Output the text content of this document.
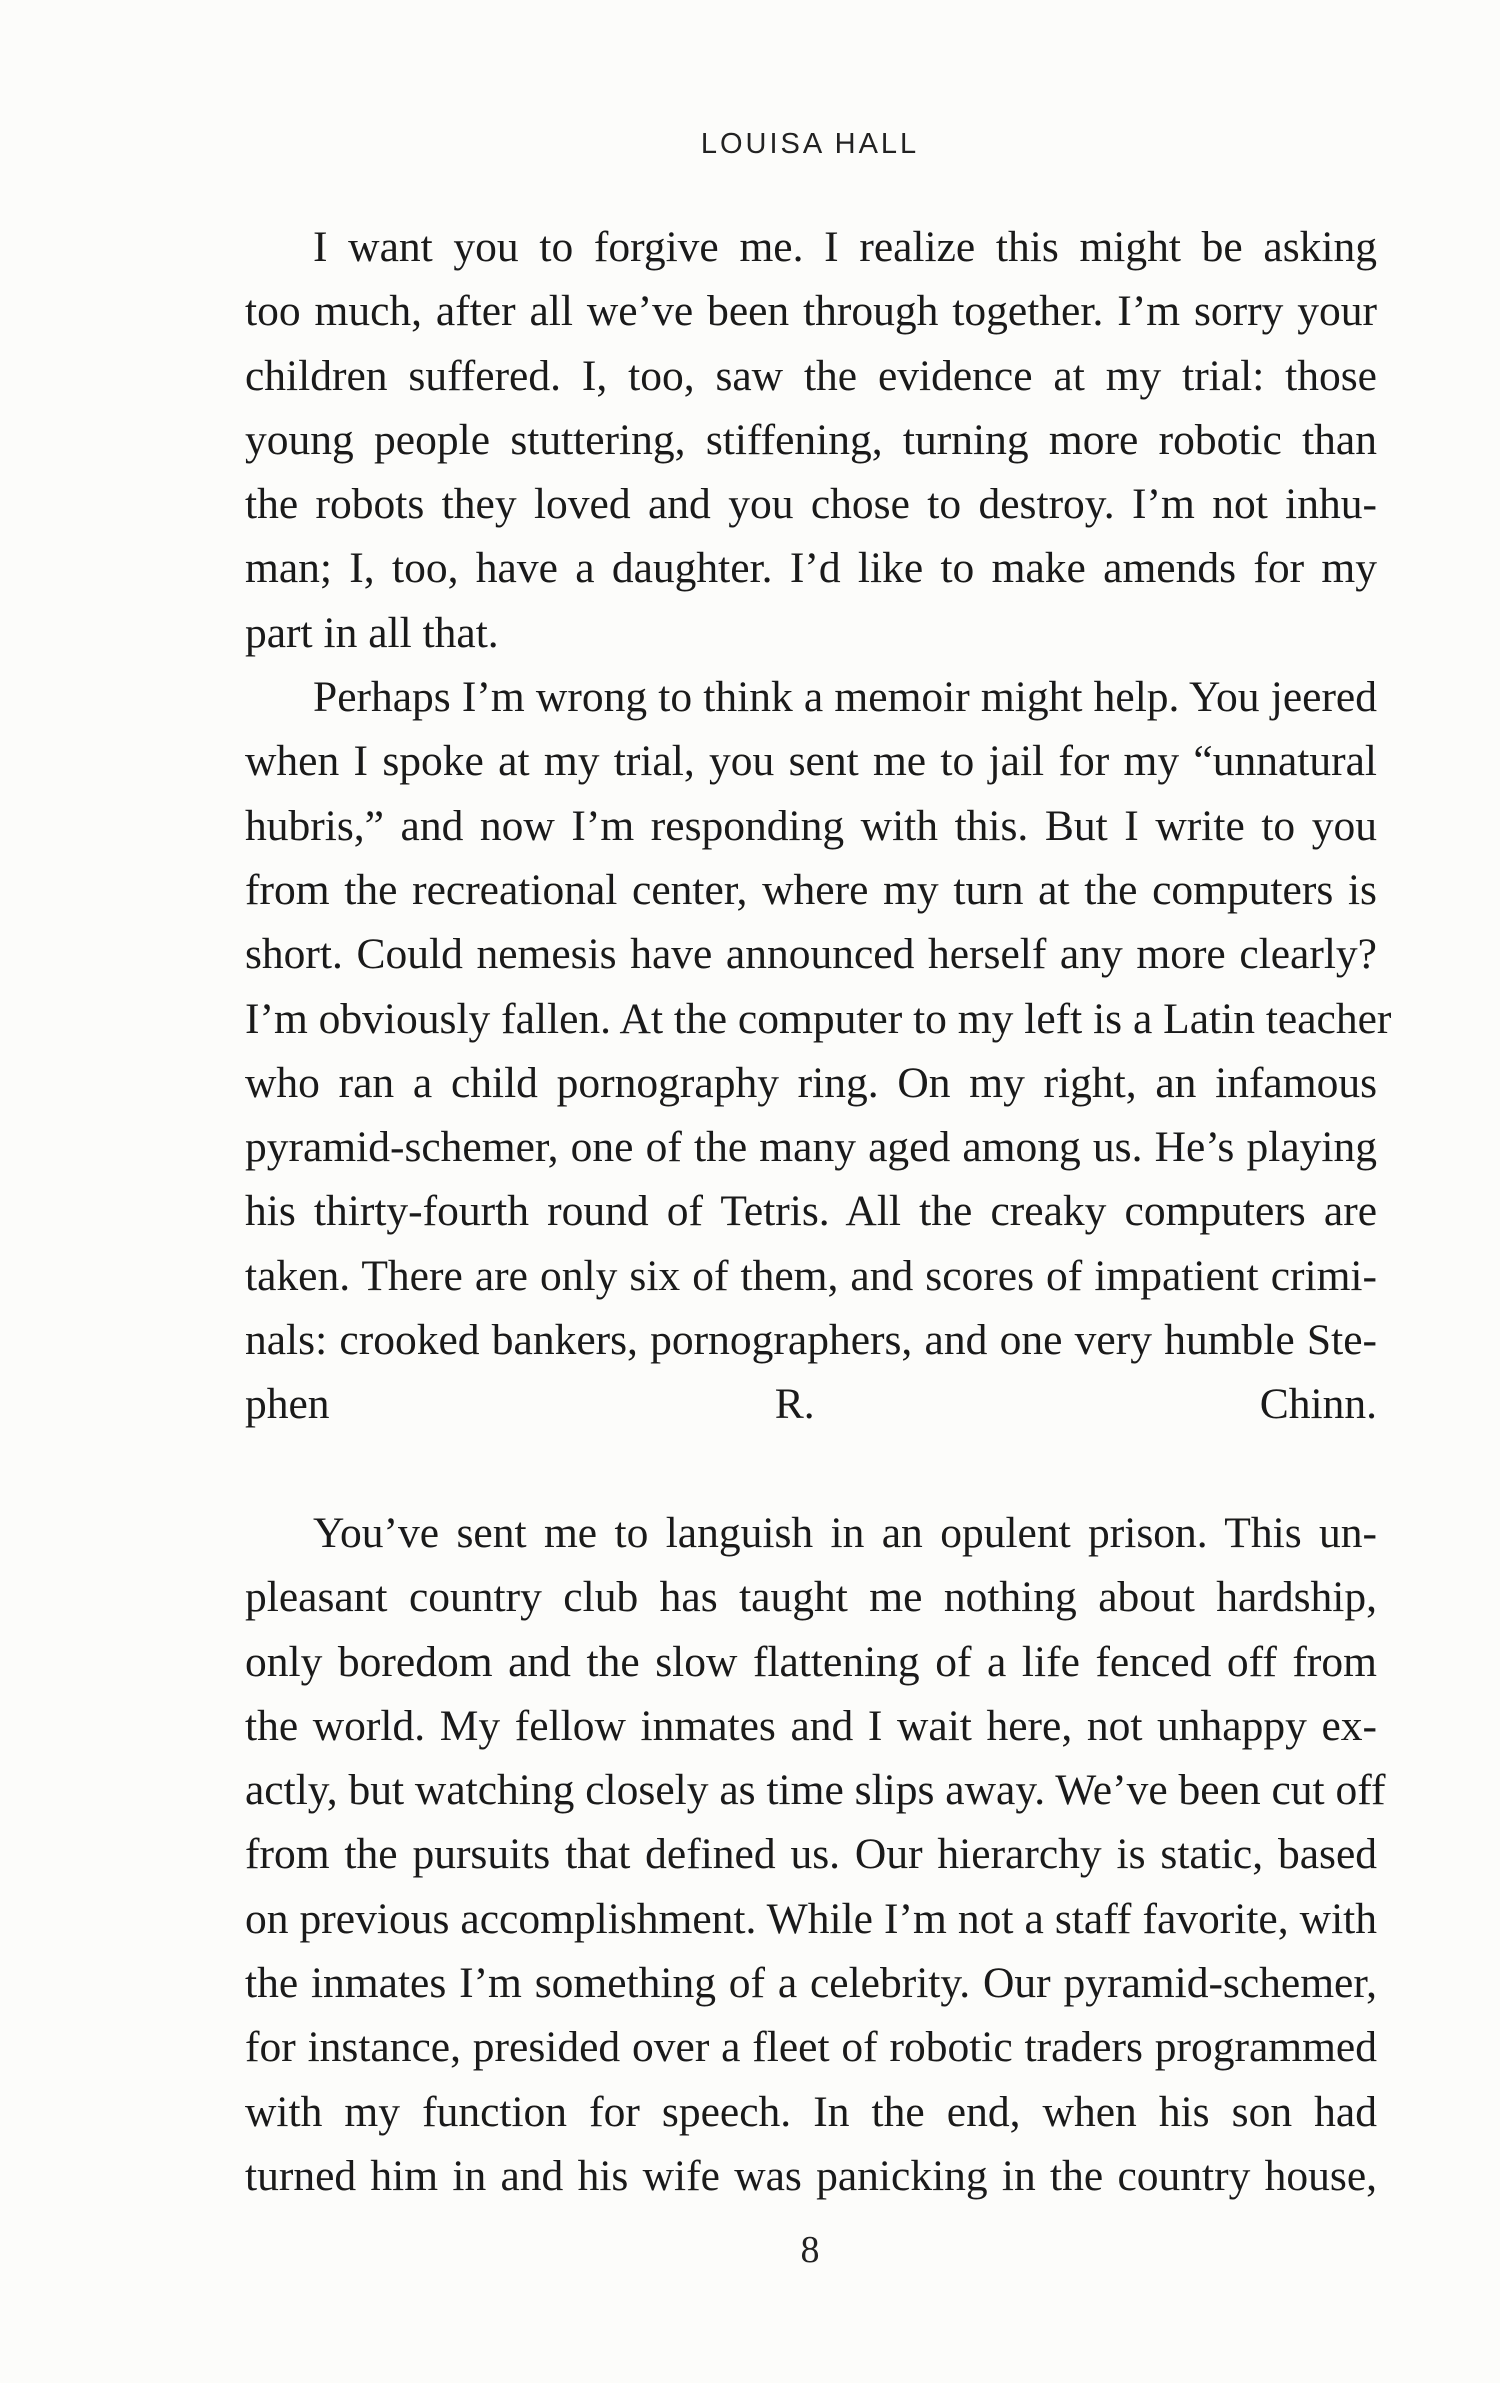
LOUISA HALL
I want you to forgive me. I realize this might be asking
too much, after all we’ve been through together. I’m sorry your
children suffered. I, too, saw the evidence at my trial: those
young people stuttering, stiffening, turning more robotic than
the robots they loved and you chose to destroy. I’m not inhu-
man; I, too, have a daughter. I’d like to make amends for my
part in all that.
Perhaps I’m wrong to think a memoir might help. You jeered
when I spoke at my trial, you sent me to jail for my “unnatural
hubris,” and now I’m responding with this. But I write to you
from the recreational center, where my turn at the computers is
short. Could nemesis have announced herself any more clearly?
I’m obviously fallen. At the computer to my left is a Latin teacher
who ran a child pornography ring. On my right, an infamous
pyramid-schemer, one of the many aged among us. He’s playing
his thirty-fourth round of Tetris. All the creaky computers are
taken. There are only six of them, and scores of impatient crimi-
nals: crooked bankers, pornographers, and one very humble Ste-
phen R. Chinn.
You’ve sent me to languish in an opulent prison. This un-
pleasant country club has taught me nothing about hardship,
only boredom and the slow flattening of a life fenced off from
the world. My fellow inmates and I wait here, not unhappy ex-
actly, but watching closely as time slips away. We’ve been cut off
from the pursuits that defined us. Our hierarchy is static, based
on previous accomplishment. While I’m not a staff favorite, with
the inmates I’m something of a celebrity. Our pyramid-schemer,
for instance, presided over a fleet of robotic traders programmed
with my function for speech. In the end, when his son had
turned him in and his wife was panicking in the country house,
8
